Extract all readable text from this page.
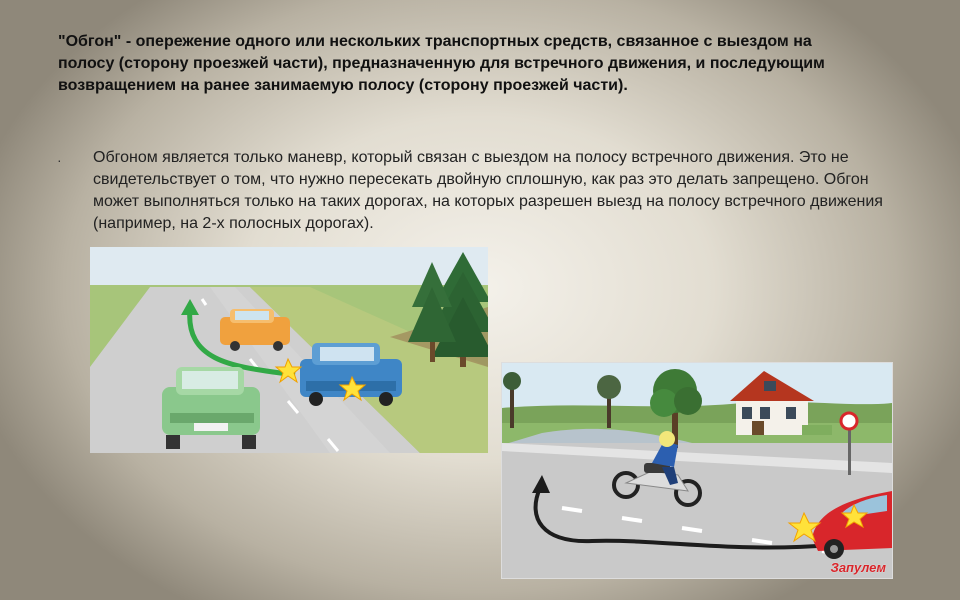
"Обгон" - опережение одного или нескольких транспортных средств, связанное с выездом на полосу (сторону проезжей части), предназначенную для встречного движения, и последующим возвращением на ранее занимаемую полосу (сторону проезжей части).
· Обгоном является только маневр, который связан с выездом на полосу встречного движения. Это не свидетельствует о том, что нужно пересекать двойную сплошную, как раз это делать запрещено. Обгон может выполняться только на таких дорогах, на которых разрешен выезд на полосу встречного движения (например, на 2-х полосных дорогах).
Запулем
